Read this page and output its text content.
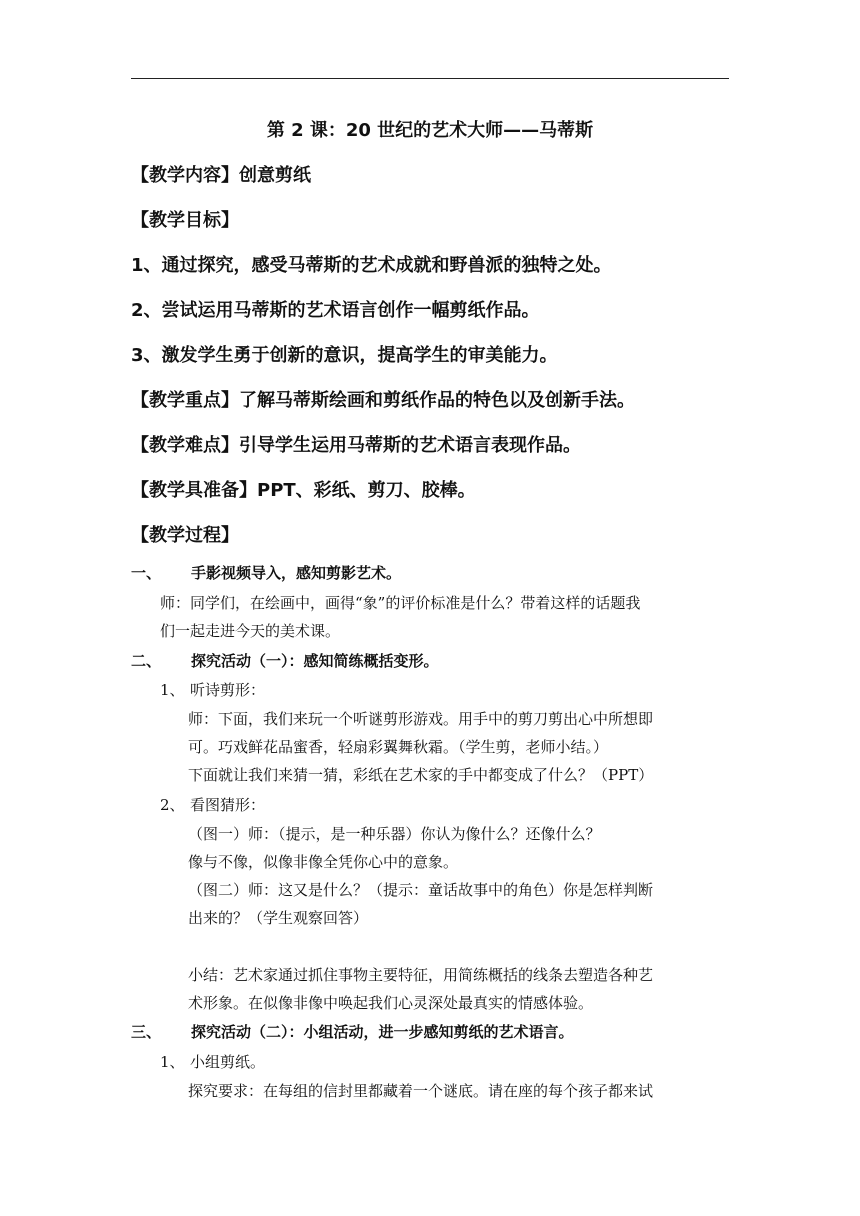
第 2 课：20 世纪的艺术大师——马蒂斯
【教学内容】创意剪纸
【教学目标】
1、通过探究，感受马蒂斯的艺术成就和野兽派的独特之处。
2、尝试运用马蒂斯的艺术语言创作一幅剪纸作品。
3、激发学生勇于创新的意识，提高学生的审美能力。
【教学重点】了解马蒂斯绘画和剪纸作品的特色以及创新手法。
【教学难点】引导学生运用马蒂斯的艺术语言表现作品。
【教学具准备】PPT、彩纸、剪刀、胶棒。
【教学过程】
一、 手影视频导入，感知剪影艺术。
师：同学们，在绘画中，画得“象”的评价标准是什么？带着这样的话题我
们一起走进今天的美术课。
二、 探究活动（一）：感知简练概括变形。
1、 听诗剪形：
师：下面，我们来玩一个听谜剪形游戏。用手中的剪刀剪出心中所想即
可。巧戏鲜花品蜜香，轻扇彩翼舞秋霜。（学生剪，老师小结。）
下面就让我们来猜一猜，彩纸在艺术家的手中都变成了什么？（PPT）
2、 看图猜形：
（图一）师：（提示，是一种乐器）你认为像什么？还像什么？
像与不像，似像非像全凭你心中的意象。
（图二）师：这又是什么？（提示：童话故事中的角色）你是怎样判断
出来的？（学生观察回答）
小结：艺术家通过抓住事物主要特征，用简练概括的线条去塑造各种艺
术形象。在似像非像中唤起我们心灵深处最真实的情感体验。
三、 探究活动（二）：小组活动，进一步感知剪纸的艺术语言。
1、 小组剪纸。
探究要求：在每组的信封里都藏着一个谜底。请在座的每个孩子都来试
